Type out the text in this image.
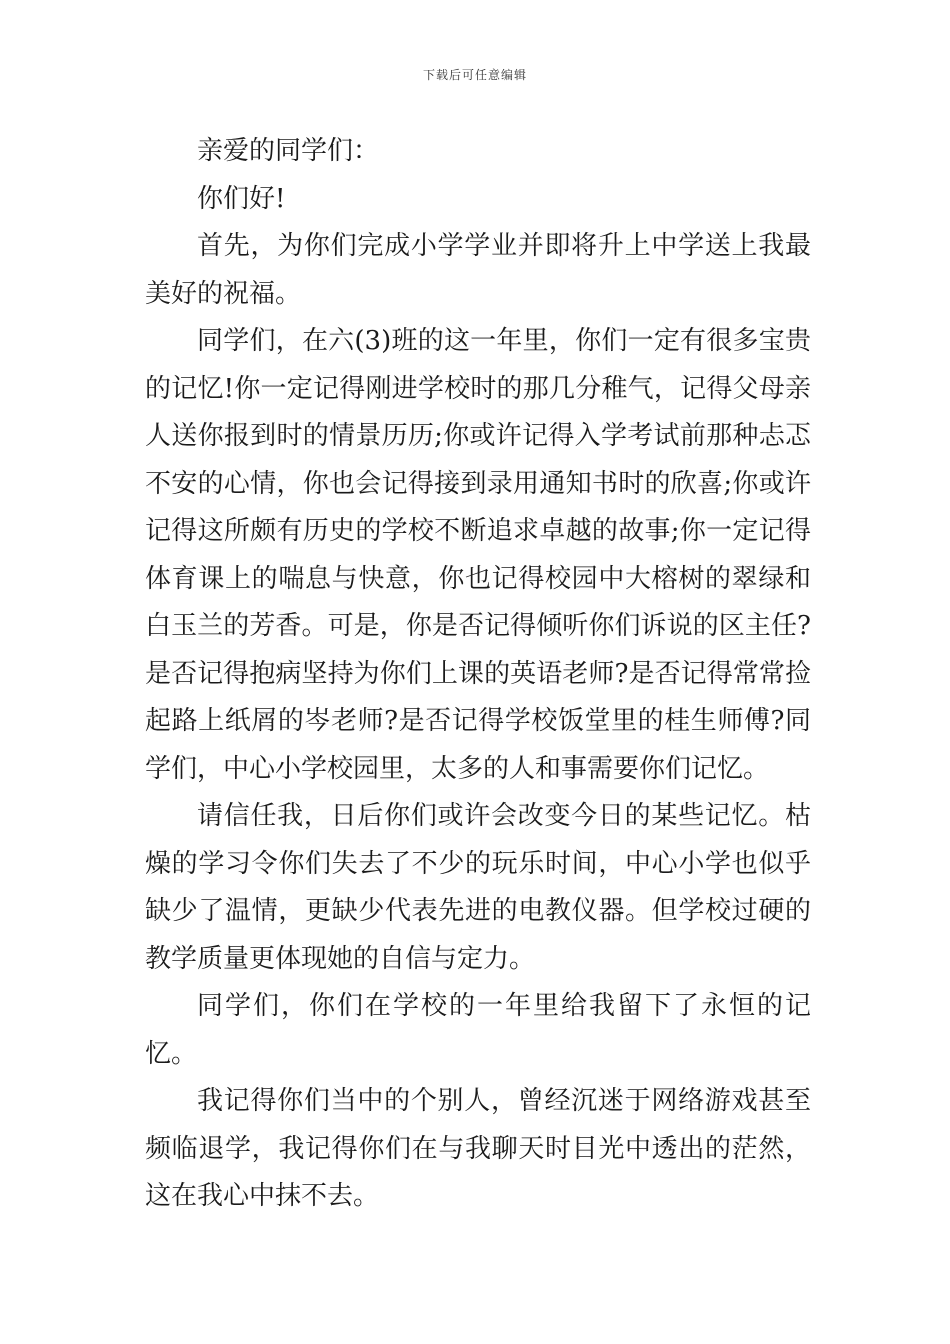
下载后可任意编辑

亲爱的同学们：

你们好!

首先，为你们完成小学学业并即将升上中学送上我最美好的祝福。

同学们，在六(3)班的这一年里，你们一定有很多宝贵的记忆!你一定记得刚进学校时的那几分稚气，记得父母亲人送你报到时的情景历历;你或许记得入学考试前那种忐忑不安的心情，你也会记得接到录用通知书时的欣喜;你或许记得这所颇有历史的学校不断追求卓越的故事;你一定记得体育课上的喘息与快意，你也记得校园中大榕树的翠绿和白玉兰的芳香。可是，你是否记得倾听你们诉说的区主任?是否记得抱病坚持为你们上课的英语老师?是否记得常常捡起路上纸屑的岑老师?是否记得学校饭堂里的桂生师傅?同学们，中心小学校园里，太多的人和事需要你们记忆。

请信任我，日后你们或许会改变今日的某些记忆。枯燥的学习令你们失去了不少的玩乐时间，中心小学也似乎缺少了温情，更缺少代表先进的电教仪器。但学校过硬的教学质量更体现她的自信与定力。

同学们，你们在学校的一年里给我留下了永恒的记忆。

我记得你们当中的个别人，曾经沉迷于网络游戏甚至频临退学，我记得你们在与我聊天时目光中透出的茫然，这在我心中抹不去。
